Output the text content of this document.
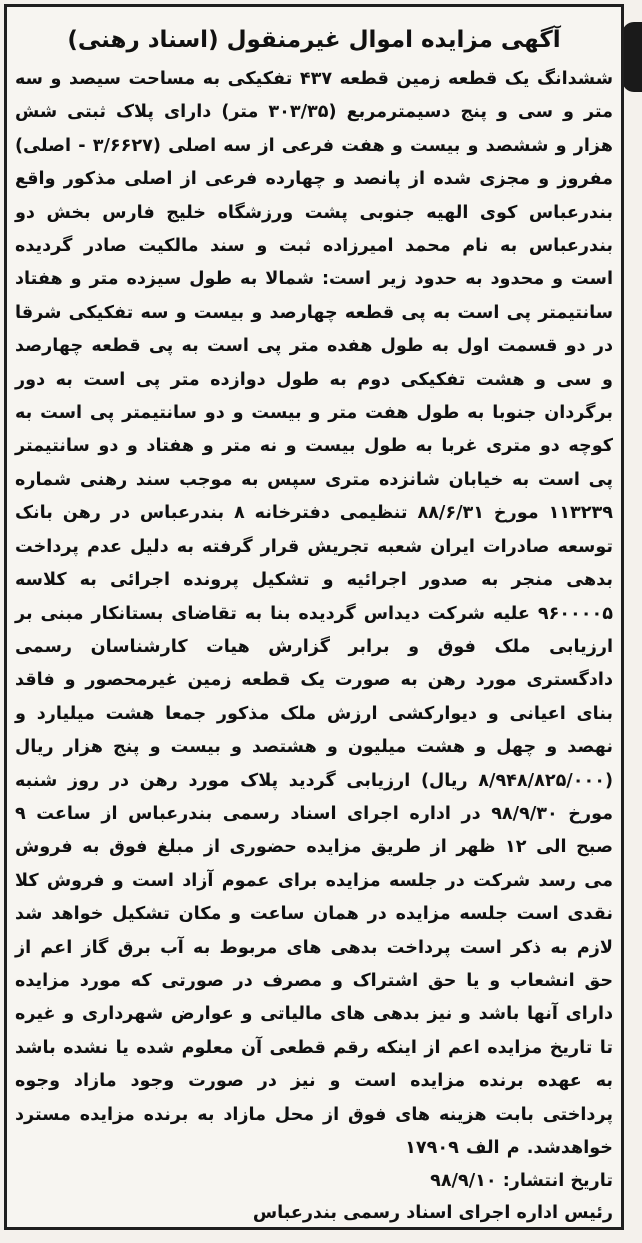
آگهی مزایده اموال غیرمنقول (اسناد رهنی)

ششدانگ یک قطعه زمین قطعه ۴۳۷ تفکیکی به مساحت سیصد و سه متر و سی و پنج دسیمترمربع (۳۰۳/۳۵ متر) دارای پلاک ثبتی شش هزار و ششصد و بیست و هفت فرعی از سه اصلی (۳/۶۶۲۷ - اصلی) مفروز و مجزی شده از پانصد و چهارده فرعی از اصلی مذکور واقع بندرعباس کوی الهیه جنوبی پشت ورزشگاه خلیج فارس بخش دو بندرعباس به نام محمد امیرزاده ثبت و سند مالکیت صادر گردیده است و محدود به حدود زیر است: شمالا به طول سیزده متر و هفتاد سانتیمتر پی است به پی قطعه چهارصد و بیست و سه تفکیکی شرقا در دو قسمت اول به طول هفده متر پی است به پی قطعه چهارصد و سی و هشت تفکیکی دوم به طول دوازده متر پی است به دور برگردان جنوبا به طول هفت متر و بیست و دو سانتیمتر پی است به کوچه دو متری غربا به طول بیست و نه متر و هفتاد و دو سانتیمتر پی است به خیابان شانزده متری سپس به موجب سند رهنی شماره ۱۱۳۲۳۹ مورخ ۸۸/۶/۳۱ تنظیمی دفترخانه ۸ بندرعباس در رهن بانک توسعه صادرات ایران شعبه تجریش قرار گرفته به دلیل عدم پرداخت بدهی منجر به صدور اجرائیه و تشکیل پرونده اجرائی به کلاسه ۹۶۰۰۰۰۵ علیه شرکت دیداس گردیده بنا به تقاضای بستانکار مبنی بر ارزیابی ملک فوق و برابر گزارش هیات کارشناسان رسمی دادگستری مورد رهن به صورت یک قطعه زمین غیرمحصور و فاقد بنای اعیانی و دیوارکشی ارزش ملک مذکور جمعا هشت میلیارد و نهصد و چهل و هشت میلیون و هشتصد و بیست و پنج هزار ریال (۸/۹۴۸/۸۲۵/۰۰۰ ریال) ارزیابی گردید پلاک مورد رهن در روز شنبه مورخ ۹۸/۹/۳۰ در اداره اجرای اسناد رسمی بندرعباس از ساعت ۹ صبح الی ۱۲ ظهر از طریق مزایده حضوری از مبلغ فوق به فروش می رسد شرکت در جلسه مزایده برای عموم آزاد است و فروش کلا نقدی است جلسه مزایده در همان ساعت و مکان تشکیل خواهد شد لازم به ذکر است پرداخت بدهی های مربوط به آب برق گاز اعم از حق انشعاب و یا حق اشتراک و مصرف در صورتی که مورد مزایده دارای آنها باشد و نیز بدهی های مالیاتی و عوارض شهرداری و غیره تا تاریخ مزایده اعم از اینکه رقم قطعی آن معلوم شده یا نشده باشد به عهده برنده مزایده است و نیز در صورت وجود مازاد وجوه پرداختی بابت هزینه های فوق از محل مازاد به برنده مزایده مسترد خواهدشد. م الف ۱۷۹۰۹

تاریخ انتشار: ۹۸/۹/۱۰
رئیس اداره اجرای اسناد رسمی بندرعباس
